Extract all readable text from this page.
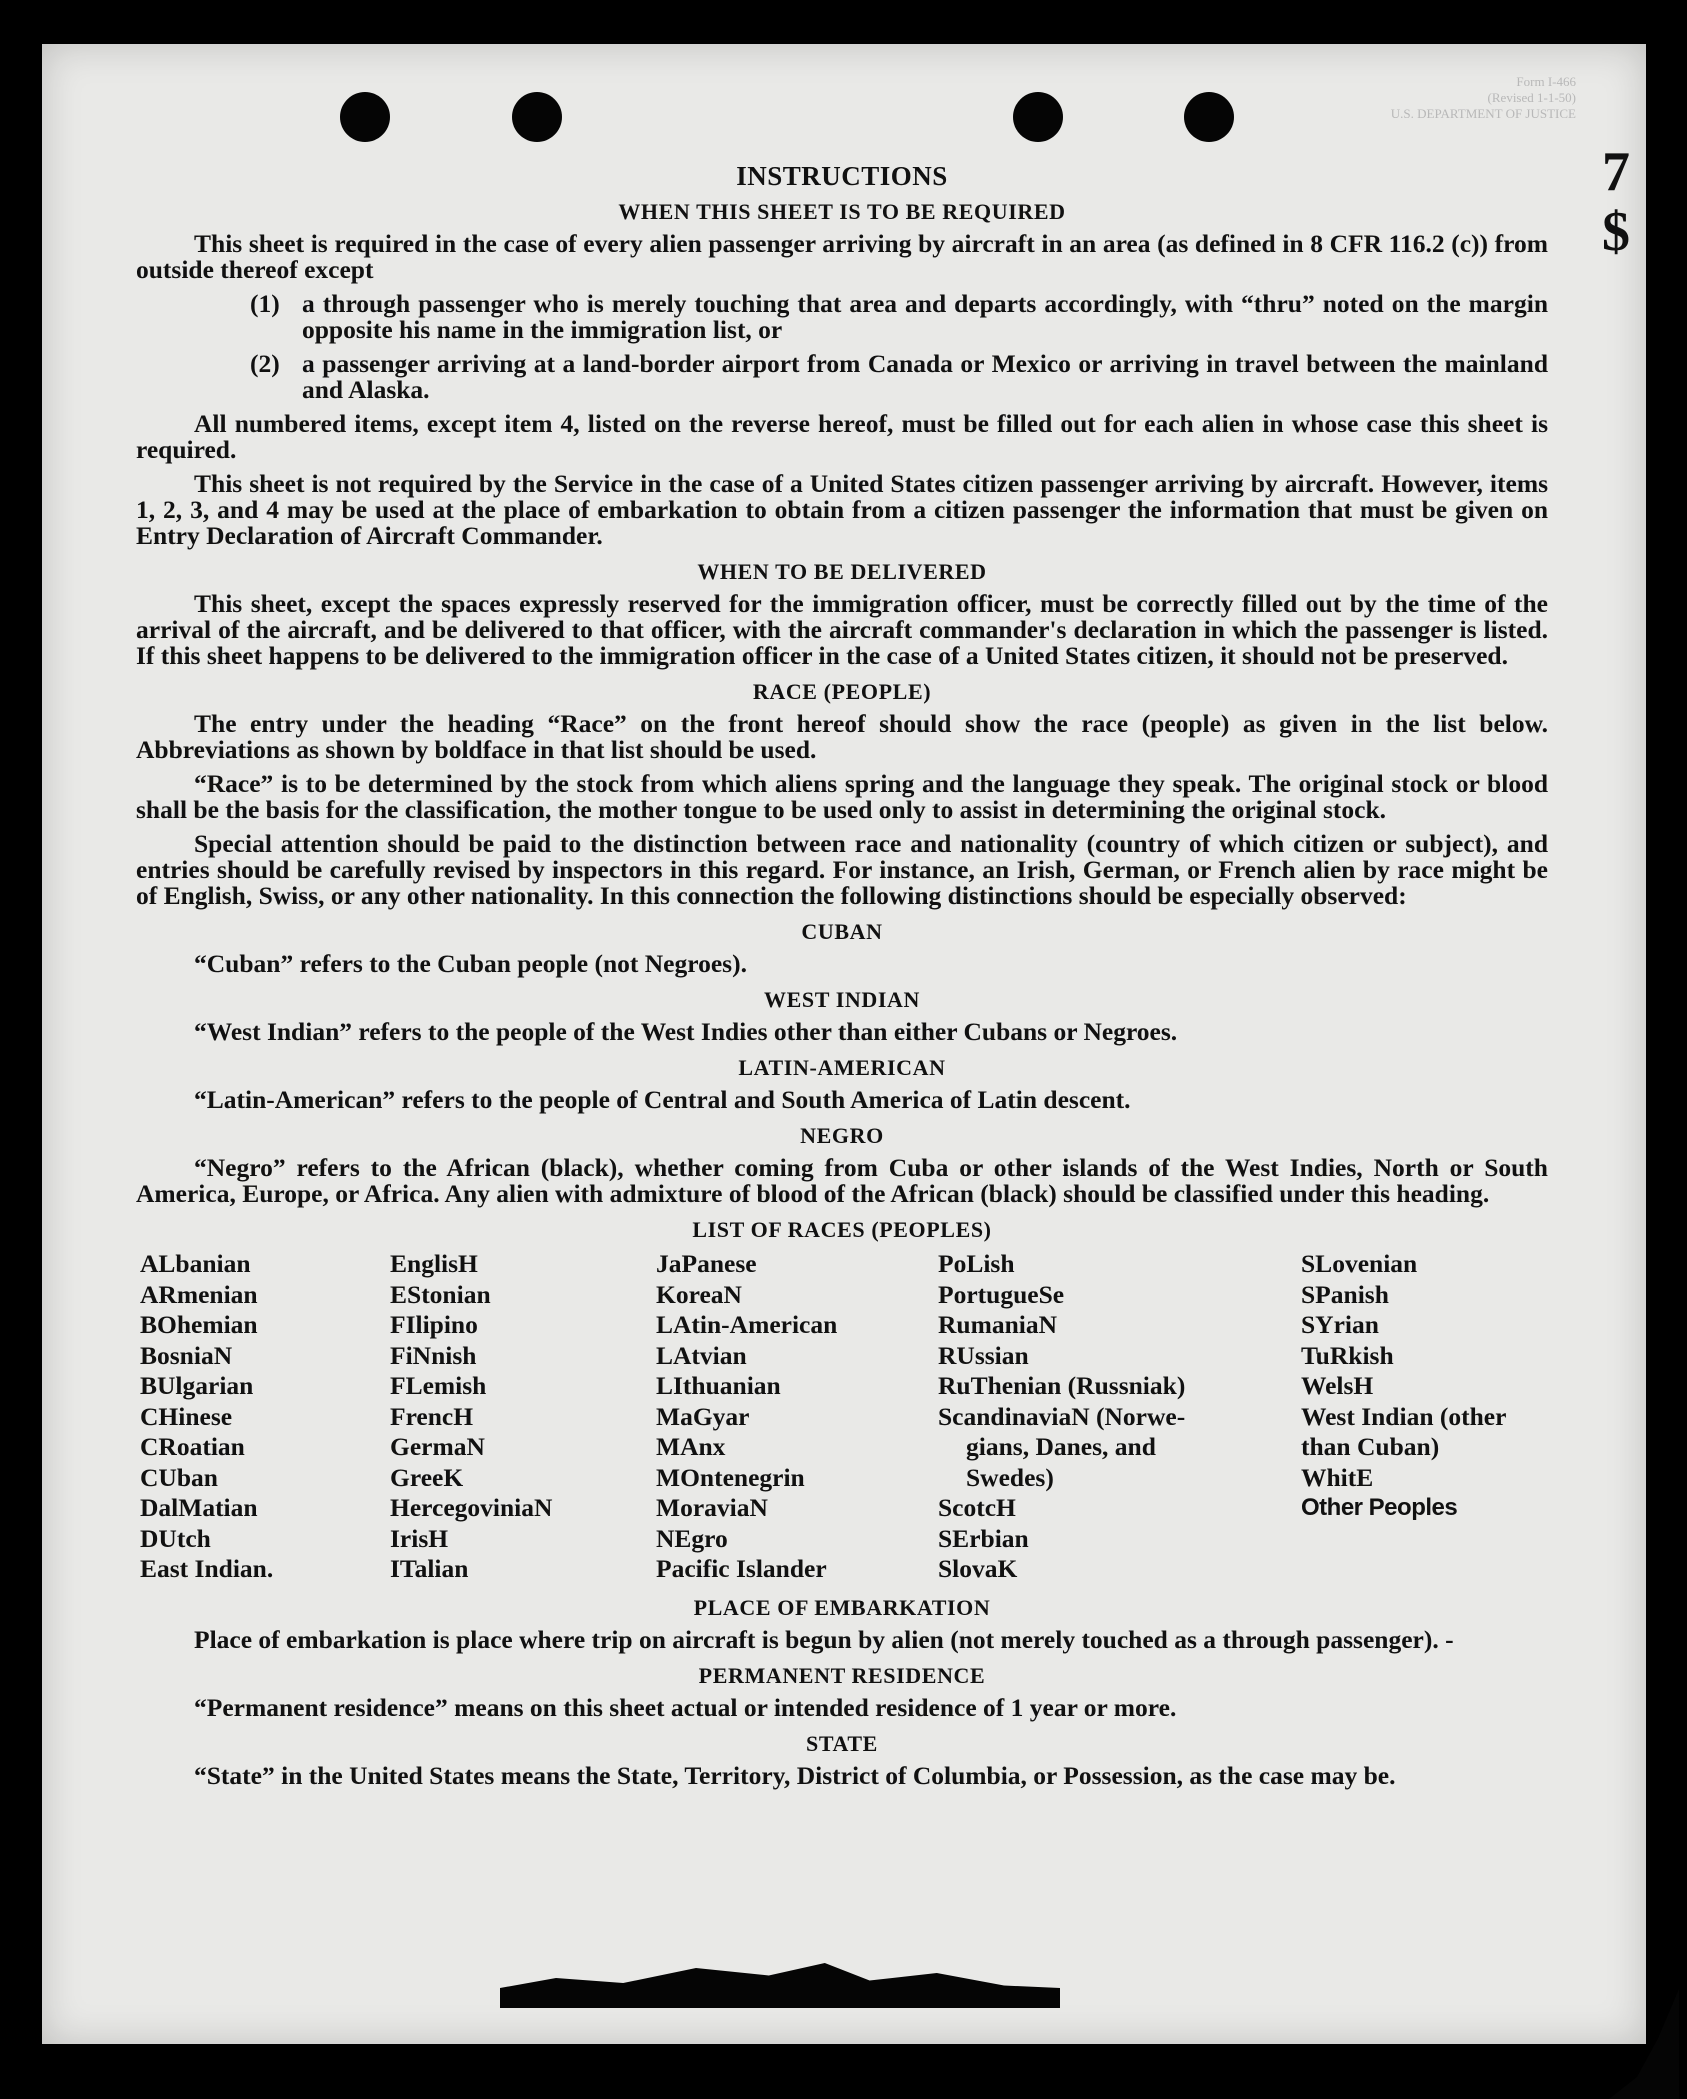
Form I-466
(Revised 1-1-50)
U.S. DEPARTMENT OF JUSTICE
7
$
INSTRUCTIONS
WHEN THIS SHEET IS TO BE REQUIRED

This sheet is required in the case of every alien passenger arriving by aircraft in an area (as defined in 8 CFR 116.2 (c)) from outside thereof except

(1) a through passenger who is merely touching that area and departs accordingly, with “thru” noted on the margin opposite his name in the immigration list, or
(2) a passenger arriving at a land-border airport from Canada or Mexico or arriving in travel between the mainland and Alaska.

All numbered items, except item 4, listed on the reverse hereof, must be filled out for each alien in whose case this sheet is required.

This sheet is not required by the Service in the case of a United States citizen passenger arriving by aircraft. However, items 1, 2, 3, and 4 may be used at the place of embarkation to obtain from a citizen passenger the information that must be given on Entry Declaration of Aircraft Commander.

WHEN TO BE DELIVERED

This sheet, except the spaces expressly reserved for the immigration officer, must be correctly filled out by the time of the arrival of the aircraft, and be delivered to that officer, with the aircraft commander's declaration in which the passenger is listed. If this sheet happens to be delivered to the immigration officer in the case of a United States citizen, it should not be preserved.

RACE (PEOPLE)

The entry under the heading “Race” on the front hereof should show the race (people) as given in the list below. Abbreviations as shown by boldface in that list should be used.

“Race” is to be determined by the stock from which aliens spring and the language they speak. The original stock or blood shall be the basis for the classification, the mother tongue to be used only to assist in determining the original stock.

Special attention should be paid to the distinction between race and nationality (country of which citizen or subject), and entries should be carefully revised by inspectors in this regard. For instance, an Irish, German, or French alien by race might be of English, Swiss, or any other nationality. In this connection the following distinctions should be especially observed:

CUBAN

“Cuban” refers to the Cuban people (not Negroes).

WEST INDIAN

“West Indian” refers to the people of the West Indies other than either Cubans or Negroes.

LATIN-AMERICAN

“Latin-American” refers to the people of Central and South America of Latin descent.

NEGRO

“Negro” refers to the African (black), whether coming from Cuba or other islands of the West Indies, North or South America, Europe, or Africa. Any alien with admixture of blood of the African (black) should be classified under this heading.

LIST OF RACES (PEOPLES)
ALbanian
ARmenian
BOhemian
BosniaN
BUlgarian
CHinese
CRoatian
CUban
DalMatian
DUtch
East Indian.
EnglisH
EStonian
FIlipino
FiNnish
FLemish
FrencH
GermaN
GreeK
HercegoviniaN
IrisH
ITalian
JaPanese
KoreaN
LAtin-American
LAtvian
LIthuanian
MaGyar
MAnx
MOntenegrin
MoraviaN
NEgro
Pacific Islander
PoLish
PortugueSe
RumaniaN
RUssian
RuThenian (Russniak)
ScandinaviaN (Norwe-
gians, Danes, and
Swedes)
ScotcH
SErbian
SlovaK
SLovenian
SPanish
SYrian
TuRkish
WelsH
West Indian (other
than Cuban)
WhitE
Other Peoples
PLACE OF EMBARKATION

Place of embarkation is place where trip on aircraft is begun by alien (not merely touched as a through passenger). -

PERMANENT RESIDENCE

“Permanent residence” means on this sheet actual or intended residence of 1 year or more.

STATE

“State” in the United States means the State, Territory, District of Columbia, or Possession, as the case may be.
